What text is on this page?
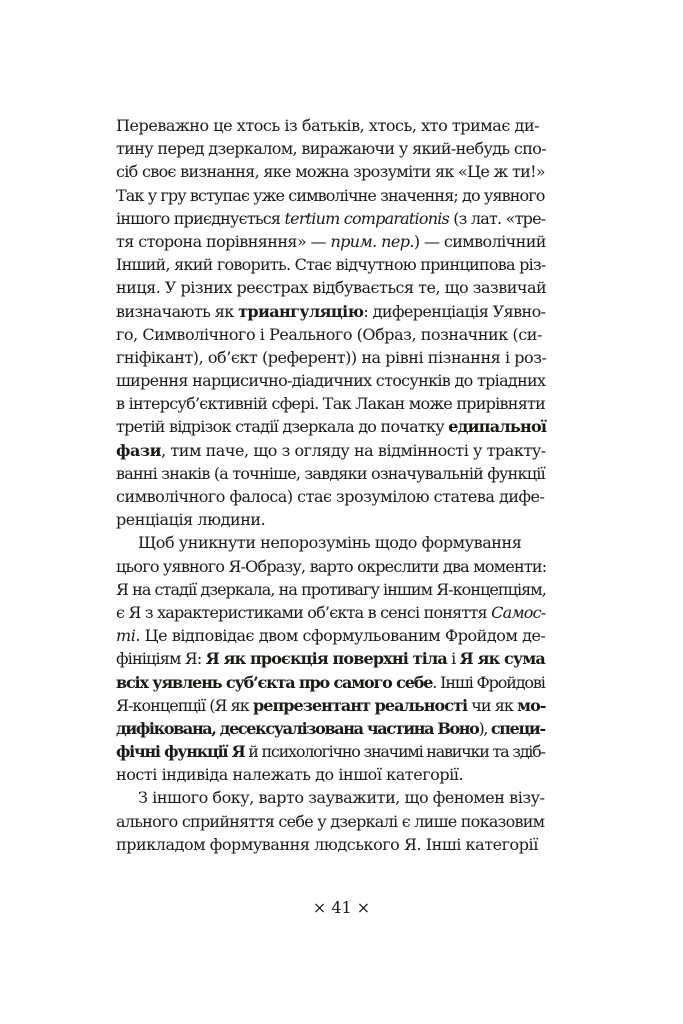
Переважно це хтось із батьків, хтось, хто тримає ди-
тину перед дзеркалом, виражаючи у який-небудь спо-
сіб своє визнання, яке можна зрозуміти як «Це ж ти!»
Так у гру вступає уже символічне значення; до уявного
іншого приєднується tertium comparationis (з лат. «тре-
тя сторона порівняння» — прим. пер.) — символічний
Інший, який говорить. Стає відчутною принципова різ-
ниця. У різних реєстрах відбувається те, що зазвичай
визначають як триангуляцію: диференціація Уявно-
го, Символічного і Реального (Образ, позначник (си-
гніфікант), об’єкт (референт)) на рівні пізнання і роз-
ширення нарцисично-діадичних стосунків до тріадних
в інтерсуб’єктивній сфері. Так Лакан може прирівняти
третій відрізок стадії дзеркала до початку едипальної
фази, тим паче, що з огляду на відмінності у тракту-
ванні знаків (а точніше, завдяки означувальній функції
символічного фалоса) стає зрозумілою статева дифе-
ренціація людини.
Щоб уникнути непорозумінь щодо формування
цього уявного Я-Образу, варто окреслити два моменти:
Я на стадії дзеркала, на противагу іншим Я-концепціям,
є Я з характеристиками об’єкта в сенсі поняття Самос-
ті. Це відповідає двом сформульованим Фройдом де-
фініціям Я: Я як проєкція поверхні тіла і Я як сума
всіх уявлень суб’єкта про самого себе. Інші Фройдові
Я-концепції (Я як репрезентант реальності чи як мо-
дифікована, десексуалізована частина Воно), специ-
фічні функції Я й психологічно значимі навички та здіб-
ності індивіда належать до іншої категорії.
З іншого боку, варто зауважити, що феномен візу-
ального сприйняття себе у дзеркалі є лише показовим
прикладом формування людського Я. Інші категорії
× 41 ×
